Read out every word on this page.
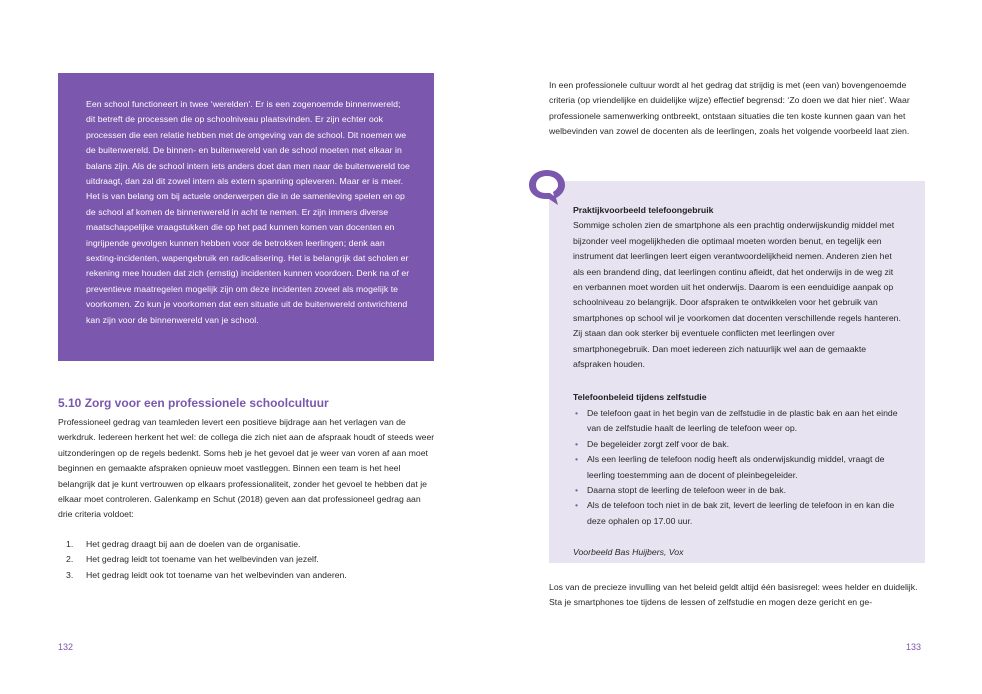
Een school functioneert in twee ‘werelden’. Er is een zogenoemde binnenwereld; dit betreft de processen die op schoolniveau plaatsvinden. Er zijn echter ook processen die een relatie hebben met de omgeving van de school. Dit noemen we de buitenwereld. De binnen- en buitenwereld van de school moeten met elkaar in balans zijn. Als de school intern iets anders doet dan men naar de buitenwereld toe uitdraagt, dan zal dit zowel intern als extern spanning opleveren. Maar er is meer. Het is van belang om bij actuele onderwerpen die in de samenleving spelen en op de school af komen de binnenwereld in acht te nemen. Er zijn immers diverse maatschappelijke vraagstukken die op het pad kunnen komen van docenten en ingrijpende gevolgen kunnen hebben voor de betrokken leerlingen; denk aan sexting-incidenten, wapengebruik en radicalisering. Het is belangrijk dat scholen er rekening mee houden dat zich (ernstig) incidenten kunnen voordoen. Denk na of er preventieve maatregelen mogelijk zijn om deze incidenten zoveel als mogelijk te voorkomen. Zo kun je voorkomen dat een situatie uit de buitenwereld ontwrichtend kan zijn voor de binnenwereld van je school.

5.10 Zorg voor een professionele schoolcultuur

Professioneel gedrag van teamleden levert een positieve bijdrage aan het verlagen van de werkdruk. Iedereen herkent het wel: de collega die zich niet aan de afspraak houdt of steeds weer uitzonderingen op de regels bedenkt. Soms heb je het gevoel dat je weer van voren af aan moet beginnen en gemaakte afspraken opnieuw moet vastleggen. Binnen een team is het heel belangrijk dat je kunt vertrouwen op elkaars professionaliteit, zonder het gevoel te hebben dat je elkaar moet controleren. Galenkamp en Schut (2018) geven aan dat professioneel gedrag aan drie criteria voldoet:

1. Het gedrag draagt bij aan de doelen van de organisatie.
2. Het gedrag leidt tot toename van het welbevinden van jezelf.
3. Het gedrag leidt ook tot toename van het welbevinden van anderen.
132

In een professionele cultuur wordt al het gedrag dat strijdig is met (een van) bovengenoemde criteria (op vriendelijke en duidelijke wijze) effectief begrensd: ‘Zo doen we dat hier niet’. Waar professionele samenwerking ontbreekt, ontstaan situaties die ten koste kunnen gaan van het welbevinden van zowel de docenten als de leerlingen, zoals het volgende voorbeeld laat zien.

Praktijkvoorbeeld telefoongebruik

Sommige scholen zien de smartphone als een prachtig onderwijskundig middel met bijzonder veel mogelijkheden die optimaal moeten worden benut, en tegelijk een instrument dat leerlingen leert eigen verantwoordelijkheid nemen. Anderen zien het als een brandend ding, dat leerlingen continu afleidt, dat het onderwijs in de weg zit en verbannen moet worden uit het onderwijs. Daarom is een eenduidige aanpak op schoolniveau zo belangrijk. Door afspraken te ontwikkelen voor het gebruik van smartphones op school wil je voorkomen dat docenten verschillende regels hanteren. Zij staan dan ook sterker bij eventuele conflicten met leerlingen over smartphonegebruik. Dan moet iedereen zich natuurlijk wel aan de gemaakte afspraken houden.

Telefoonbeleid tijdens zelfstudie

• De telefoon gaat in het begin van de zelfstudie in de plastic bak en aan het einde van de zelfstudie haalt de leerling de telefoon weer op.
• De begeleider zorgt zelf voor de bak.
• Als een leerling de telefoon nodig heeft als onderwijskundig middel, vraagt de leerling toestemming aan de docent of pleinbegeleider.
• Daarna stopt de leerling de telefoon weer in de bak.
• Als de telefoon toch niet in de bak zit, levert de leerling de telefoon in en kan die deze ophalen op 17.00 uur.

Voorbeeld Bas Huijbers, Vox

Los van de precieze invulling van het beleid geldt altijd één basisregel: wees helder en duidelijk. Sta je smartphones toe tijdens de lessen of zelfstudie en mogen deze gericht en ge-

133
